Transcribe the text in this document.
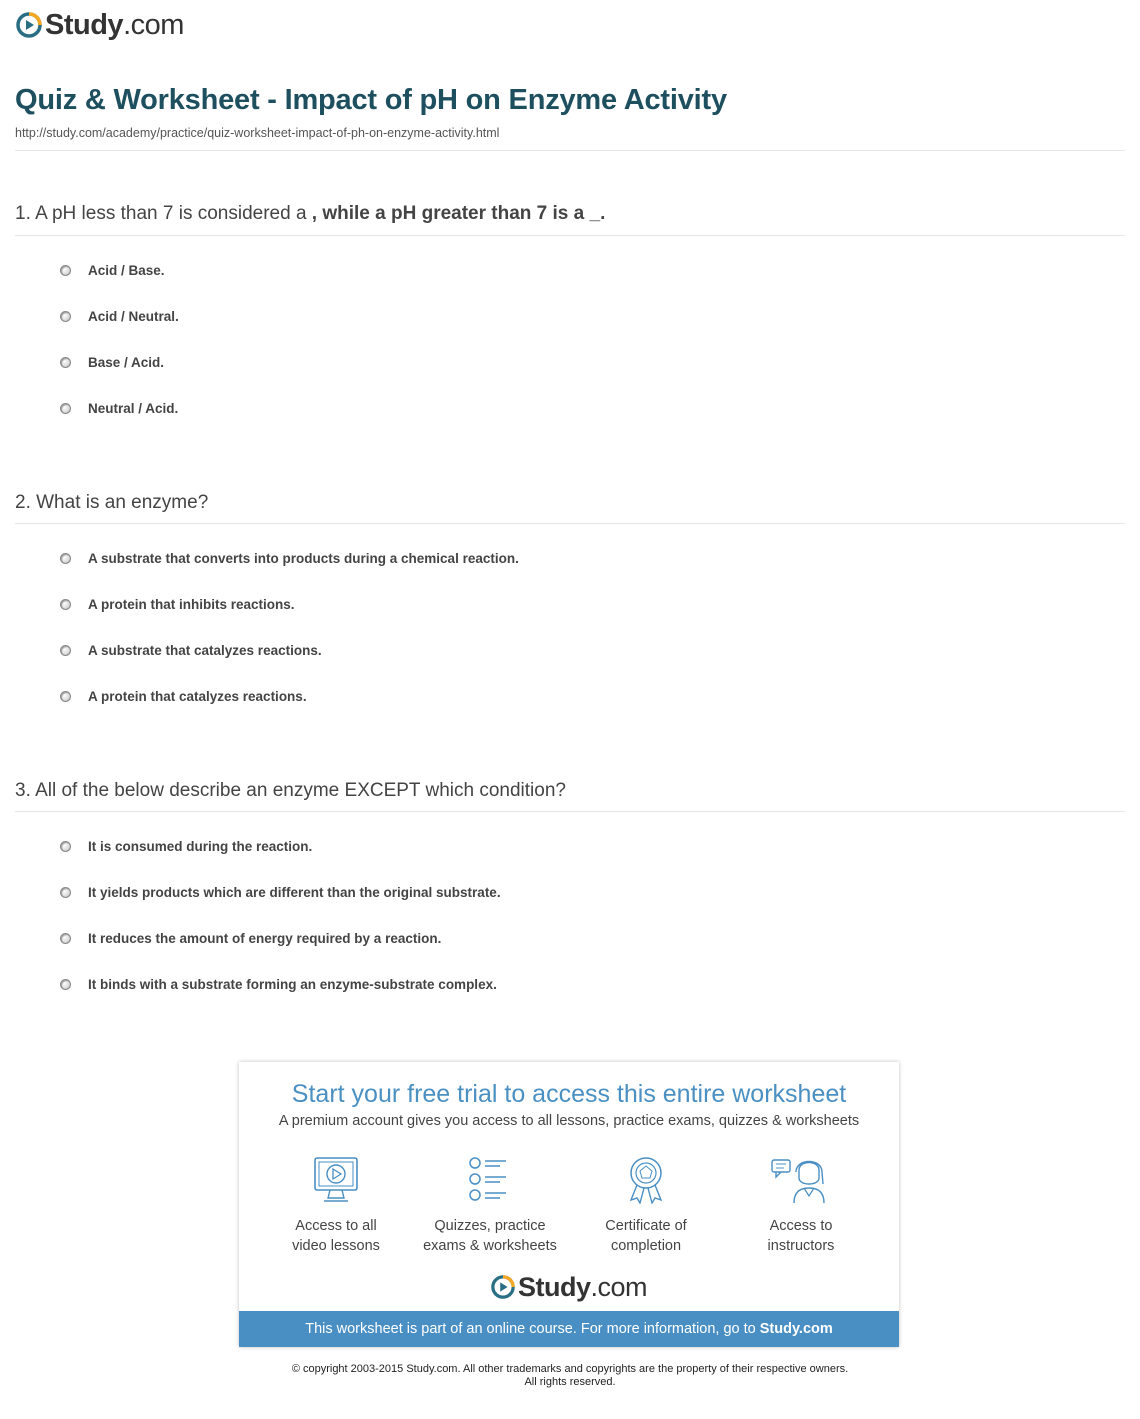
Study.com
Quiz & Worksheet - Impact of pH on Enzyme Activity
http://study.com/academy/practice/quiz-worksheet-impact-of-ph-on-enzyme-activity.html
1. A pH less than 7 is considered a , while a pH greater than 7 is a _.
Acid / Base.
Acid / Neutral.
Base / Acid.
Neutral / Acid.
2. What is an enzyme?
A substrate that converts into products during a chemical reaction.
A protein that inhibits reactions.
A substrate that catalyzes reactions.
A protein that catalyzes reactions.
3. All of the below describe an enzyme EXCEPT which condition?
It is consumed during the reaction.
It yields products which are different than the original substrate.
It reduces the amount of energy required by a reaction.
It binds with a substrate forming an enzyme-substrate complex.
Start your free trial to access this entire worksheet
A premium account gives you access to all lessons, practice exams, quizzes & worksheets
Access to all
video lessons
Quizzes, practice
exams & worksheets
Certificate of
completion
Access to
instructors
Study.com
This worksheet is part of an online course. For more information, go to Study.com
© copyright 2003-2015 Study.com. All other trademarks and copyrights are the property of their respective owners.
All rights reserved.
